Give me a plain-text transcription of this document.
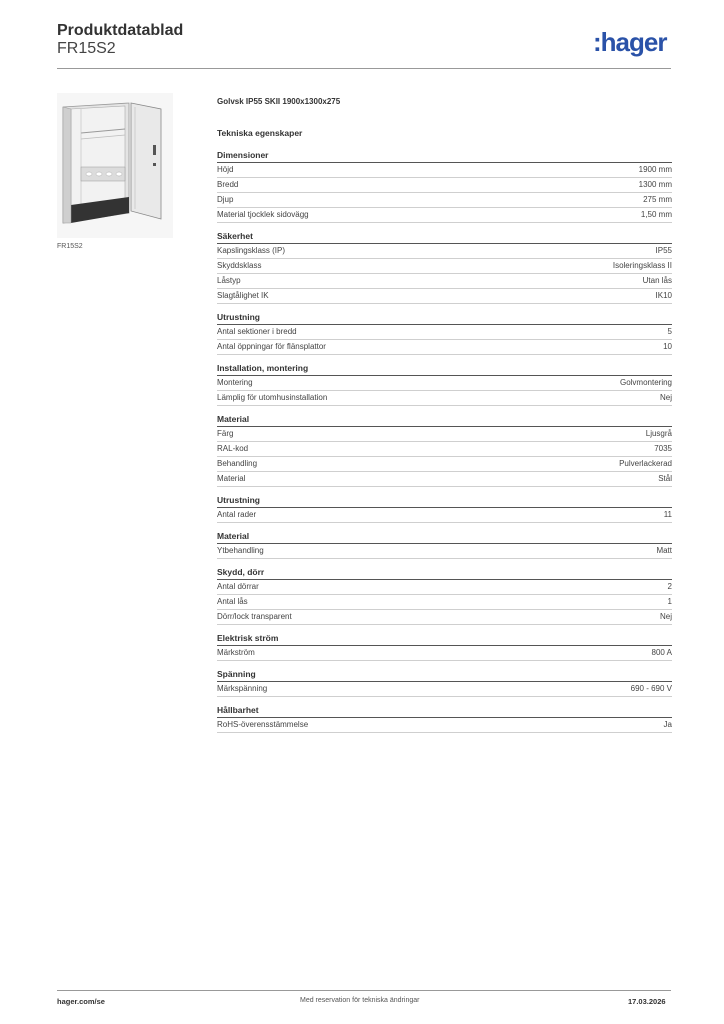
Produktdatablad
FR15S2	:hager
FR15S2
Golvsk IP55 SKII 1900x1300x275
Tekniska egenskaper
Dimensioner
Höjd	1900 mm
Bredd	1300 mm
Djup	275 mm
Material tjocklek sidovägg	1,50 mm
Säkerhet
Kapslingsklass (IP)	IP55
Skyddsklass	Isoleringsklass II
Låstyp	Utan lås
Slagtålighet IK	IK10
Utrustning
Antal sektioner i bredd	5
Antal öppningar för flänsplattor	10
Installation, montering
Montering	Golvmontering
Lämplig för utomhusinstallation	Nej
Material
Färg	Ljusgrå
RAL-kod	7035
Behandling	Pulverlackerad
Material	Stål
Utrustning
Antal rader	11
Material
Ytbehandling	Matt
Skydd, dörr
Antal dörrar	2
Antal lås	1
Dörr/lock transparent	Nej
Elektrisk ström
Märkström	800 A
Spänning
Märkspänning	690 - 690 V
Hållbarhet
RoHS-överensstämmelse	Ja
hager.com/se	Med reservation för tekniska ändringar	17.03.2026
